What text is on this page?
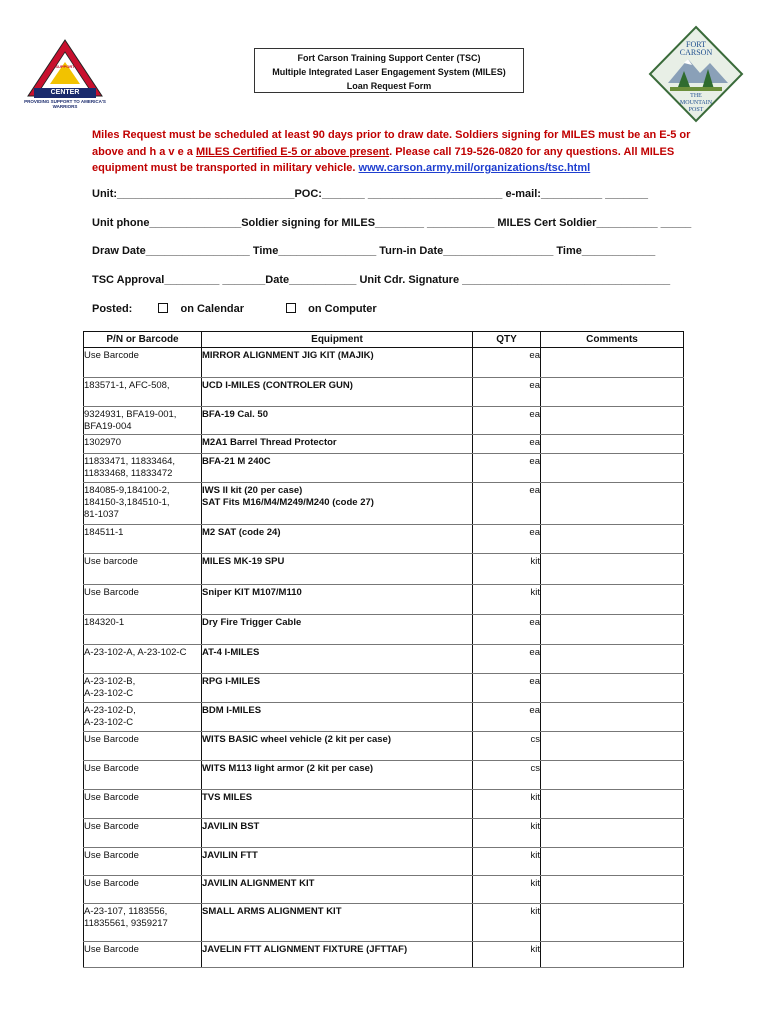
CENTER
SUPPORT
PROVIDING SUPPORT TO AMERICA'S WARRIORS
Fort Carson Training Support Center (TSC)
Multiple Integrated Laser Engagement System (MILES)
Loan Request Form
FORT CARSON
THE MOUNTAIN POST
Miles Request must be scheduled at least 90 days prior to draw date. Soldiers signing for MILES must be an E-5 or above and h a v e a MILES Certified E-5 or above present. Please call 719-526-0820 for any questions. All MILES equipment must be transported in military vehicle. www.carson.army.mil/organizations/tsc.html
Unit:_____________________________POC:_______ ______________________ e-mail:__________ _______
Unit phone_______________Soldier signing for MILES________ ___________ MILES Cert Soldier__________ _____
Draw Date_________________ Time________________ Turn-in Date__________________ Time____________
TSC Approval_________ _______Date___________ Unit Cdr. Signature __________________________________
Posted:	on Calendar	on Computer
P/N or Barcode	Equipment	QTY	Comments
Use Barcode	MIRROR ALIGNMENT JIG KIT (MAJIK)	ea	
183571-1, AFC-508,	UCD I-MILES (CONTROLER GUN)	ea	
9324931, BFA19-001,
BFA19-004	BFA-19 Cal. 50	ea	
1302970	M2A1 Barrel Thread Protector	ea	
11833471, 11833464,
11833468, 11833472	BFA-21 M 240C	ea	
184085-9,184100-2,
184150-3,184510-1,
81-1037	IWS II kit (20 per case)
SAT Fits M16/M4/M249/M240 (code 27)	ea	
184511-1	M2 SAT (code 24)	ea	
Use barcode	MILES MK-19 SPU	kit	
Use Barcode	Sniper KIT M107/M110	kit	
184320-1	Dry Fire Trigger Cable	ea	
A-23-102-A, A-23-102-C	AT-4 I-MILES	ea	
A-23-102-B,
A-23-102-C	RPG I-MILES	ea	
A-23-102-D,
A-23-102-C	BDM I-MILES	ea	
Use Barcode	WITS BASIC wheel vehicle (2 kit per case)	cs	
Use Barcode	WITS M113 light armor (2 kit per case)	cs	
Use Barcode	TVS MILES	kit	
Use Barcode	JAVILIN BST	kit	
Use Barcode	JAVILIN FTT	kit	
Use Barcode	JAVILIN ALIGNMENT KIT	kit	
A-23-107, 1183556,
11835561, 9359217	SMALL ARMS ALIGNMENT KIT	kit	
Use Barcode	JAVELIN FTT ALIGNMENT FIXTURE (JFTTAF)	kit	
